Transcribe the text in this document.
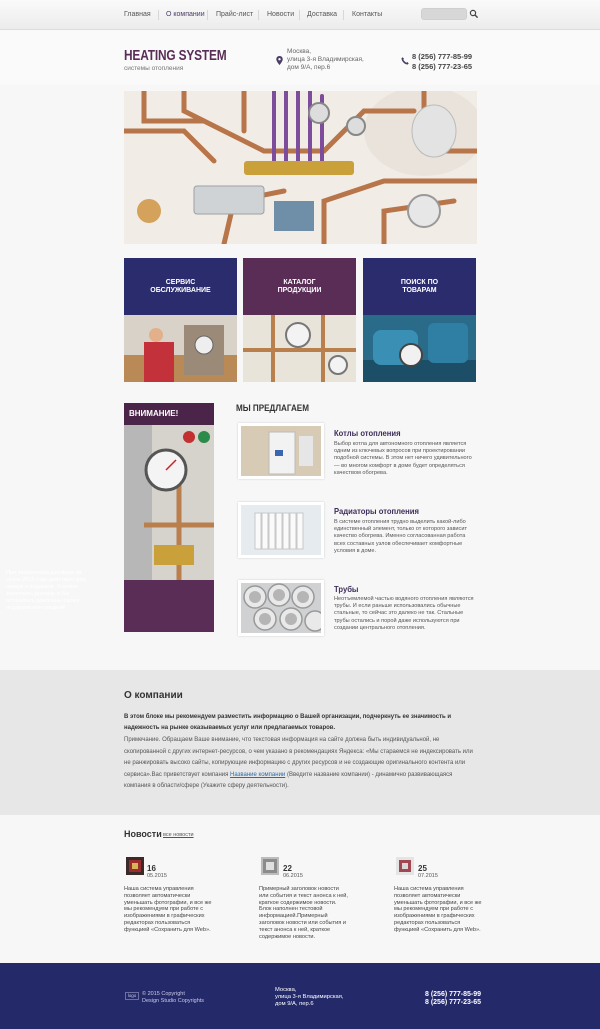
Главная О компании Прайс-лист Новости Доставка Контакты
HEATING SYSTEM
системы отопления
Москва,
улица 3-я Владимирская,
дом 9/А, пер.6
8 (256) 777-85-99
8 (256) 777-23-65
СЕРВИС
ОБСЛУЖИВАНИЕ
КАТАЛОГ
ПРОДУКЦИИ
ПОИСК ПО
ТОВАРАМ
ВНИМАНИЕ!
При заключении договора на сезон 2015 года действует ряд скидок и подарков. Успейте заключить договор и Вы останетесь довольны своим подарком или скидкой!
МЫ ПРЕДЛАГАЕМ
Котлы отопления
Выбор котла для автономного отопления является одним из ключевых вопросов при проектировании подобной системы. В этом нет ничего удивительного — во многом комфорт в доме будет определяться качеством обогрева.
Радиаторы отопления
В системе отопления трудно выделить какой-либо единственный элемент, только от которого зависит качество обогрева. Именно согласованная работа всех составных узлов обеспечивает комфортные условия в доме.
Трубы
Неотъемлемой частью водяного отопления являются трубы. И если раньше использовались обычные стальные, то сейчас это далеко не так. Стальные трубы остались и порой даже используются при создании центрального отопления.
О компании
В этом блоке мы рекомендуем разместить информацию о Вашей организации, подчеркнуть ее значимость и надежность на рынке оказываемых услуг или предлагаемых товаров.
Примечание. Обращаем Ваше внимание, что текстовая информация на сайте должна быть индивидуальной, не скопированной с других интернет-ресурсов, о чем указано в рекомендациях Яндекса: «Мы стараемся не индексировать или не ранжировать высоко сайты, копирующие информацию с других ресурсов и не создающие оригинального контента или сервиса».Вас приветствует компания Название компании (Введите название компании) - динамично развивающаяся компания в области/сфере (Укажите сферу деятельности).
Новости все новости
16
05.2015
Наша система управления позволяет автоматически уменьшать фотографии, и все же мы рекомендуем при работе с изображениями в графических редакторах пользоваться функцией «Сохранить для Web».
22
06.2015
Примерный заголовок новости или события и текст анонса к ней, краткое содержимое новости. Блок наполнен тестовой информацией.Примерный заголовок новости или события и текст анонса к ней, краткое содержимое новости.
25
07.2015
Наша система управления позволяет автоматически уменьшать фотографии, и все же мы рекомендуем при работе с изображениями в графических редакторах пользоваться функцией «Сохранить для Web».
logo	© 2015 Copyright
Design Studio Copyrights
Москва,
улица 3-я Владимирская,
дом 9/А, пер.6
8 (256) 777-85-99
8 (256) 777-23-65
